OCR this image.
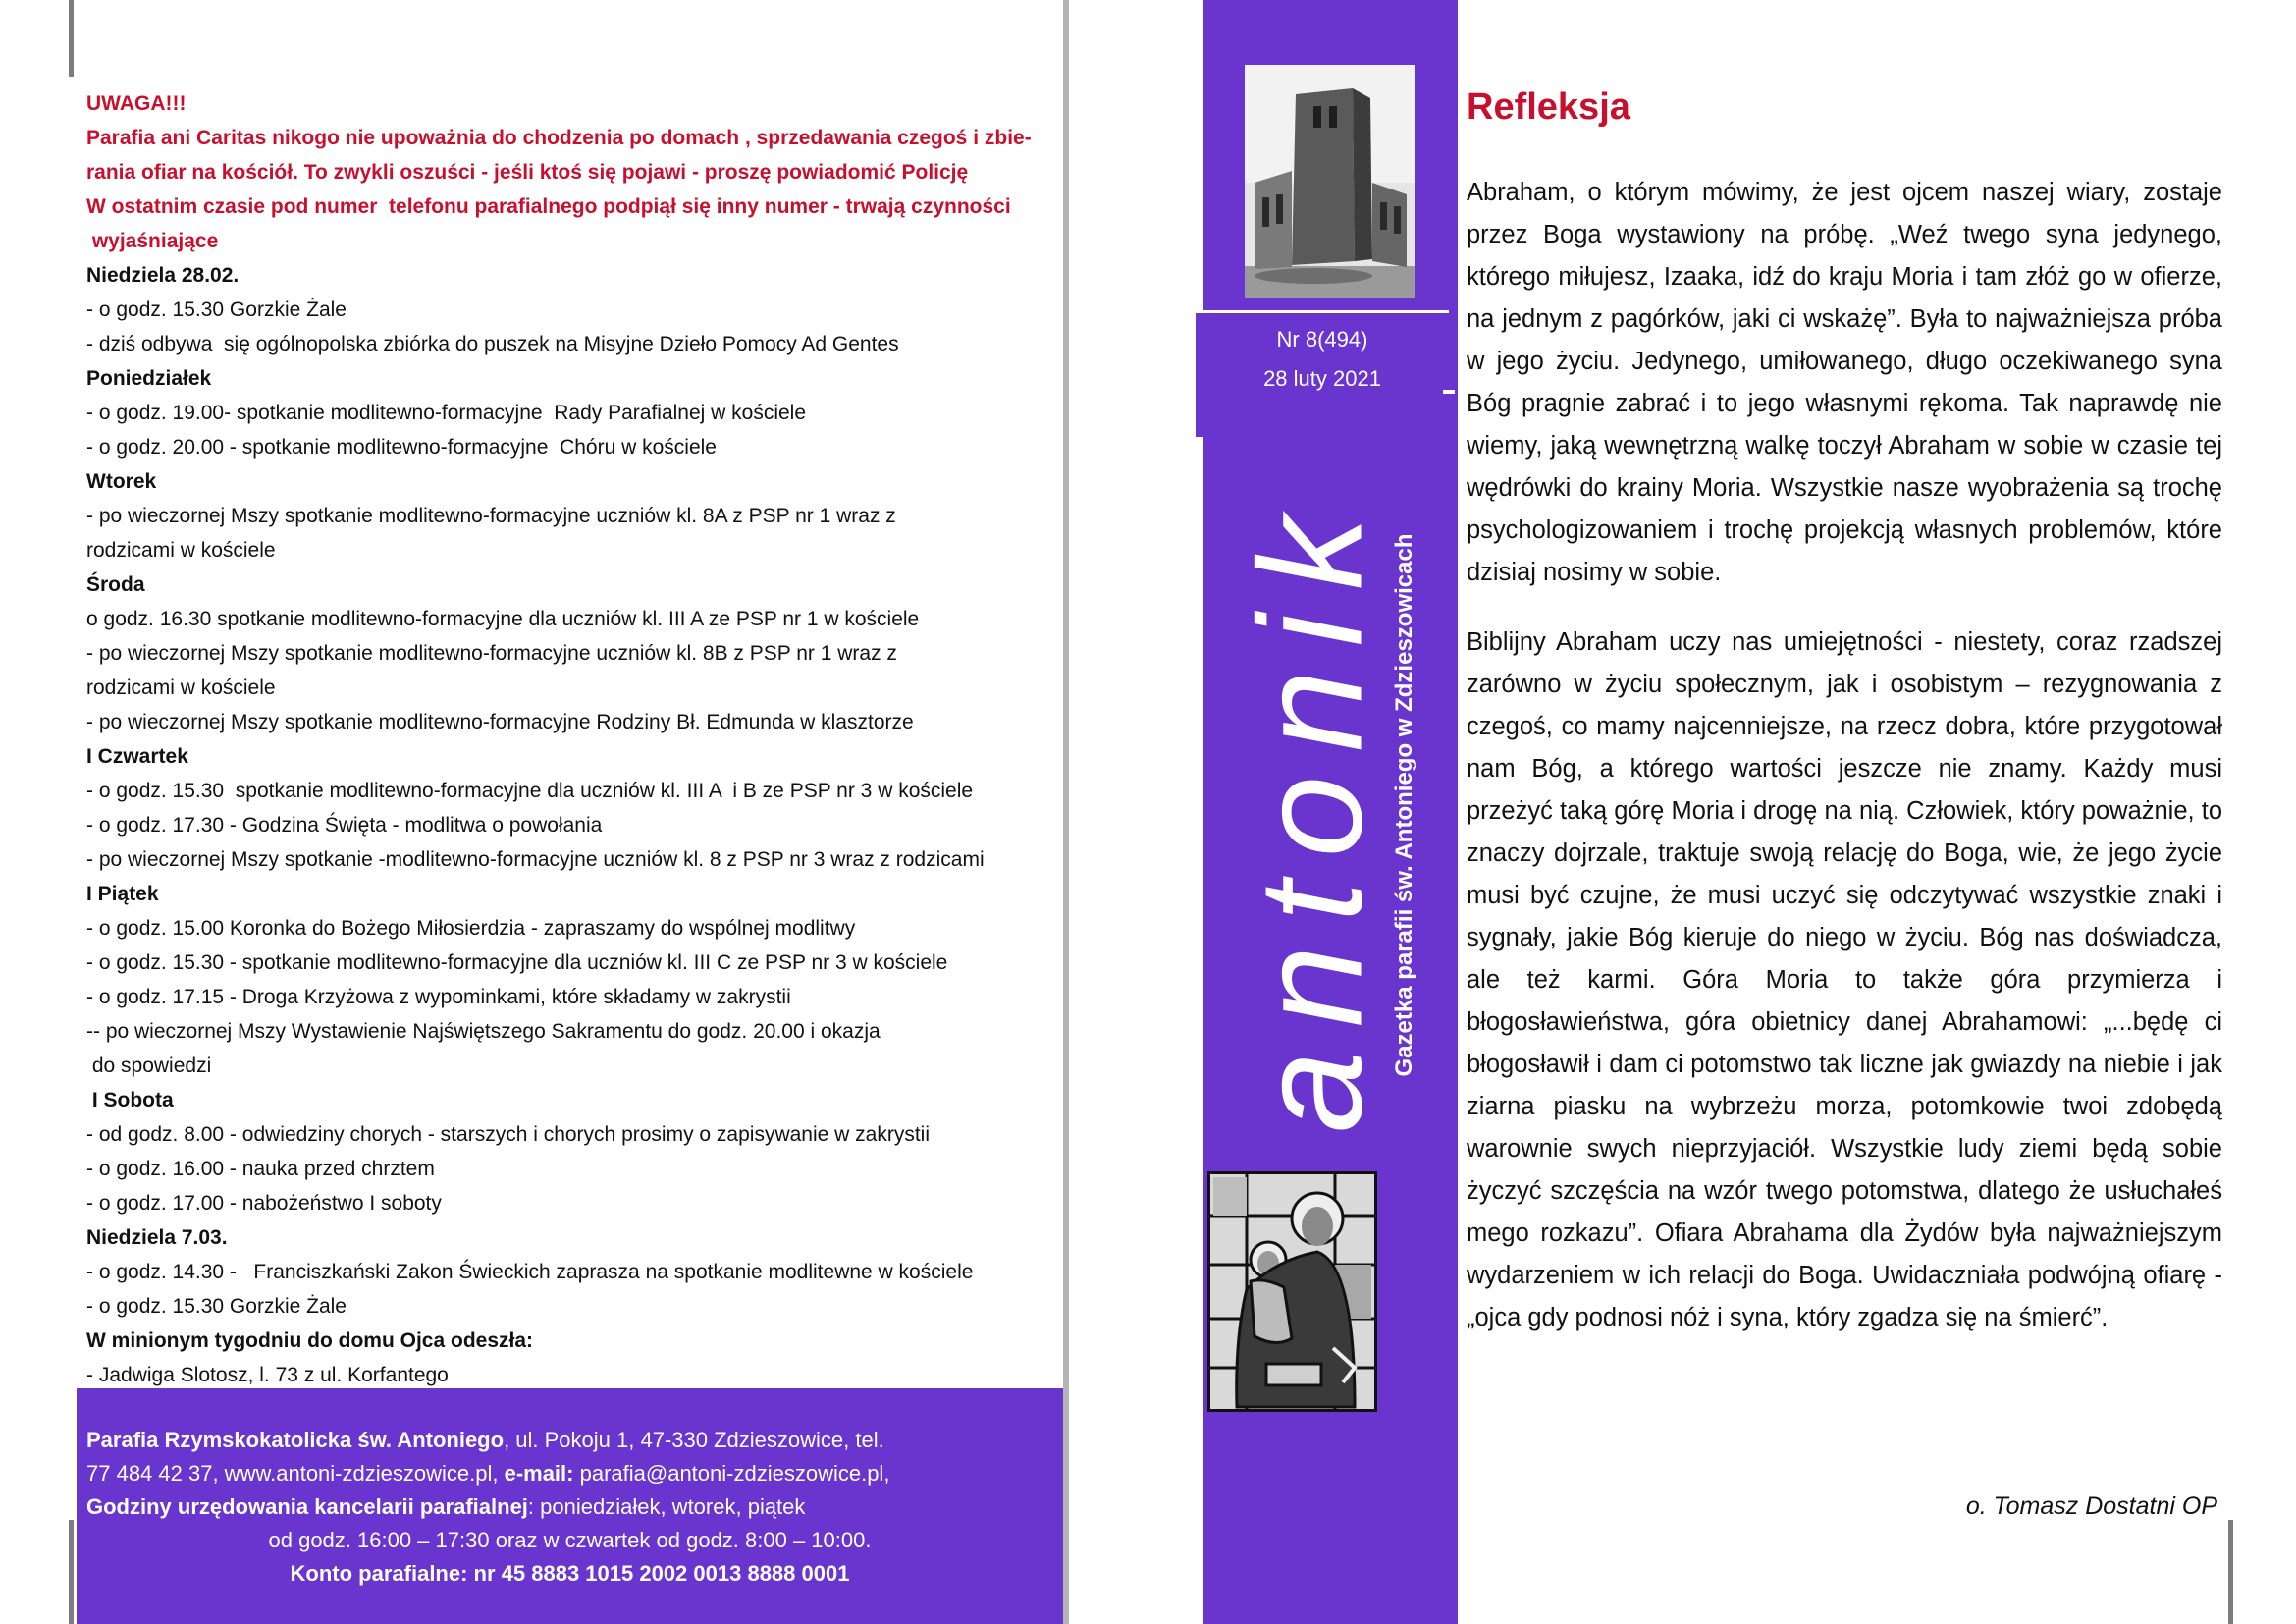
UWAGA!!!

Parafia ani Caritas nikogo nie upoważnia do chodzenia po domach , sprzedawania czegoś i zbie-

rania ofiar na kościół. To zwykli oszuści - jeśli ktoś się pojawi - proszę powiadomić Policję

W ostatnim czasie pod numer  telefonu parafialnego podpiął się inny numer - trwają czynności

wyjaśniające

Niedziela 28.02.

- o godz. 15.30 Gorzkie Żale

- dziś odbywa  się ogólnopolska zbiórka do puszek na Misyjne Dzieło Pomocy Ad Gentes

Poniedziałek

- o godz. 19.00- spotkanie modlitewno-formacyjne  Rady Parafialnej w kościele

- o godz. 20.00 - spotkanie modlitewno-formacyjne  Chóru w kościele

Wtorek

- po wieczornej Mszy spotkanie modlitewno-formacyjne uczniów kl. 8A z PSP nr 1 wraz z

rodzicami w kościele

Środa

o godz. 16.30 spotkanie modlitewno-formacyjne dla uczniów kl. III A ze PSP nr 1 w kościele

- po wieczornej Mszy spotkanie modlitewno-formacyjne uczniów kl. 8B z PSP nr 1 wraz z

rodzicami w kościele

- po wieczornej Mszy spotkanie modlitewno-formacyjne Rodziny Bł. Edmunda w klasztorze

I Czwartek

- o godz. 15.30  spotkanie modlitewno-formacyjne dla uczniów kl. III A  i B ze PSP nr 3 w kościele

- o godz. 17.30 - Godzina Święta - modlitwa o powołania

- po wieczornej Mszy spotkanie -modlitewno-formacyjne uczniów kl. 8 z PSP nr 3 wraz z rodzicami

I Piątek

- o godz. 15.00 Koronka do Bożego Miłosierdzia - zapraszamy do wspólnej modlitwy

- o godz. 15.30 - spotkanie modlitewno-formacyjne dla uczniów kl. III C ze PSP nr 3 w kościele

- o godz. 17.15 - Droga Krzyżowa z wypominkami, które składamy w zakrystii

-- po wieczornej Mszy Wystawienie Najświętszego Sakramentu do godz. 20.00 i okazja

do spowiedzi

I Sobota

- od godz. 8.00 - odwiedziny chorych - starszych i chorych prosimy o zapisywanie w zakrystii

- o godz. 16.00 - nauka przed chrztem

- o godz. 17.00 - nabożeństwo I soboty

Niedziela 7.03.

- o godz. 14.30 -   Franciszkański Zakon Świeckich zaprasza na spotkanie modlitewne w kościele

- o godz. 15.30 Gorzkie Żale

W minionym tygodniu do domu Ojca odeszła:

- Jadwiga Slotosz, l. 73 z ul. Korfantego

Parafia Rzymskokatolicka św. Antoniego, ul. Pokoju 1, 47-330 Zdzieszowice, tel.
77 484 42 37, www.antoni-zdzieszowice.pl, e-mail: parafia@antoni-zdzieszowice.pl,
Godziny urzędowania kancelarii parafialnej: poniedziałek, wtorek, piątek
od godz. 16:00 – 17:30 oraz w czwartek od godz. 8:00 – 10:00.
Konto parafialne: nr 45 8883 1015 2002 0013 8888 0001
Nr 8(494)
28 luty 2021
antonik
Gazetka parafii św. Antoniego w Zdzieszowicach
Refleksja

Abraham, o którym mówimy, że jest ojcem naszej wiary, zostaje przez Boga wystawiony na próbę. „Weź twego syna jedynego, którego miłujesz, Izaaka, idź do kraju Moria i tam złóż go w ofierze, na jednym z pagórków, jaki ci wskażę”. Była to najważniejsza próba w jego życiu. Jedynego, umiłowanego, długo oczekiwanego syna Bóg pragnie zabrać i to jego własnymi rękoma. Tak naprawdę nie wiemy, jaką wewnętrzną walkę toczył Abraham w sobie w czasie tej wędrówki do krainy Moria. Wszystkie nasze wyobrażenia są trochę psychologizowaniem i trochę projekcją własnych problemów, które dzisiaj nosimy w sobie.

Biblijny Abraham uczy nas umiejętności - niestety, coraz rzadszej zarówno w życiu społecznym, jak i osobistym – rezygnowania z czegoś, co mamy najcenniejsze, na rzecz dobra, które przygotował nam Bóg, a którego wartości jeszcze nie znamy. Każdy musi przeżyć taką górę Moria i drogę na nią. Człowiek, który poważnie, to znaczy dojrzale, traktuje swoją relację do Boga, wie, że jego życie musi być czujne, że musi uczyć się odczytywać wszystkie znaki i sygnały, jakie Bóg kieruje do niego w życiu. Bóg nas doświadcza, ale też karmi. Góra Moria to także góra przymierza i błogosławieństwa, góra obietnicy danej Abrahamowi: „...będę ci błogosławił i dam ci potomstwo tak liczne jak gwiazdy na niebie i jak ziarna piasku na wybrzeżu morza, potomkowie twoi zdobędą warownie swych nieprzyjaciół. Wszystkie ludy ziemi będą sobie życzyć szczęścia na wzór twego potomstwa, dlatego że usłuchałeś mego rozkazu”. Ofiara Abrahama dla Żydów była najważniejszym wydarzeniem w ich relacji do Boga. Uwidaczniała podwójną ofiarę - „ojca gdy podnosi nóż i syna, który zgadza się na śmierć”.

o. Tomasz Dostatni OP
